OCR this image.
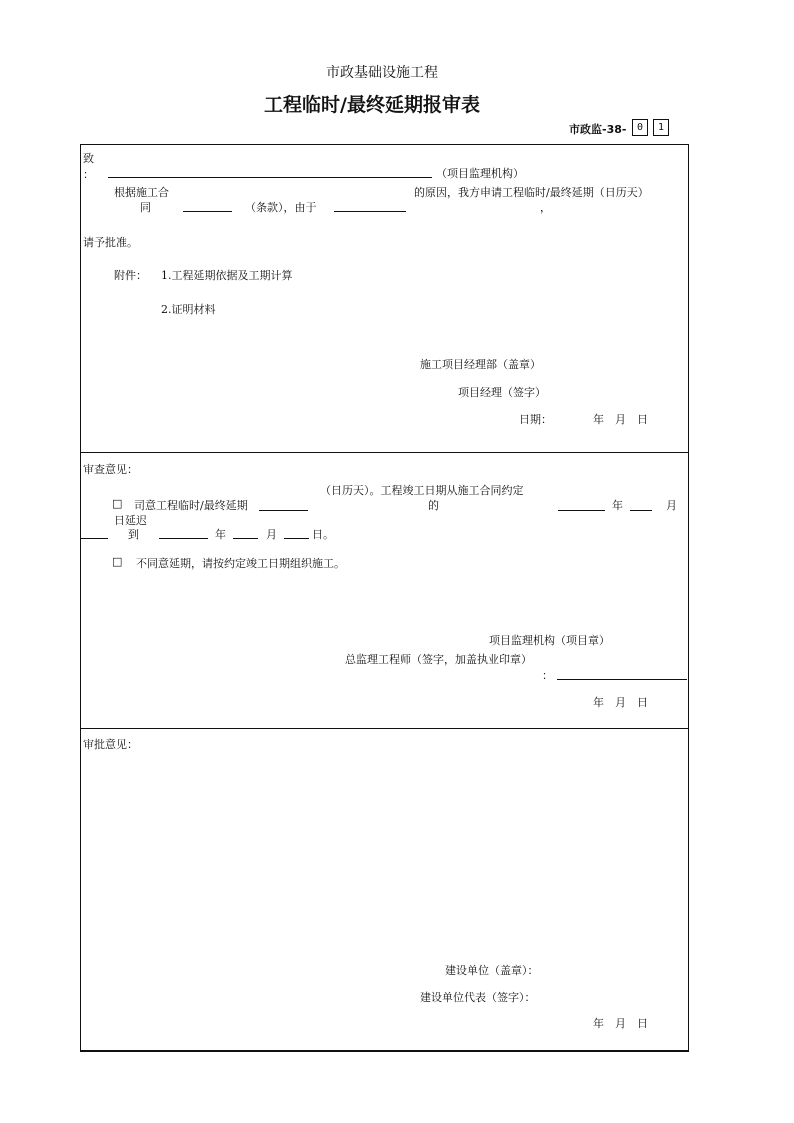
市政基础设施工程
工程临时/最终延期报审表
市政监-38-	0	1
致
：	（项目监理机构）
根据施工合	的原因，我方申请工程临时/最终延期（日历天）
同	（条款），由于	，
请予批准。
附件： 1.工程延期依据及工期计算
2.证明材料
施工项目经理部（盖章）
项目经理（签字）
日期：	年　月　日
审查意见：
（日历天）。工程竣工日期从施工合同约定
□ 司意工程临时/最终延期	的	年	月
日延迟
到	年	月	日。
□ 不同意延期，请按约定竣工日期组织施工。
项目监理机构（项目章）
总监理工程师（签字，加盖执业印章）
：
年　月　日
审批意见：
建设单位（盖章）：
建设单位代表（签字）：
年　月　日
